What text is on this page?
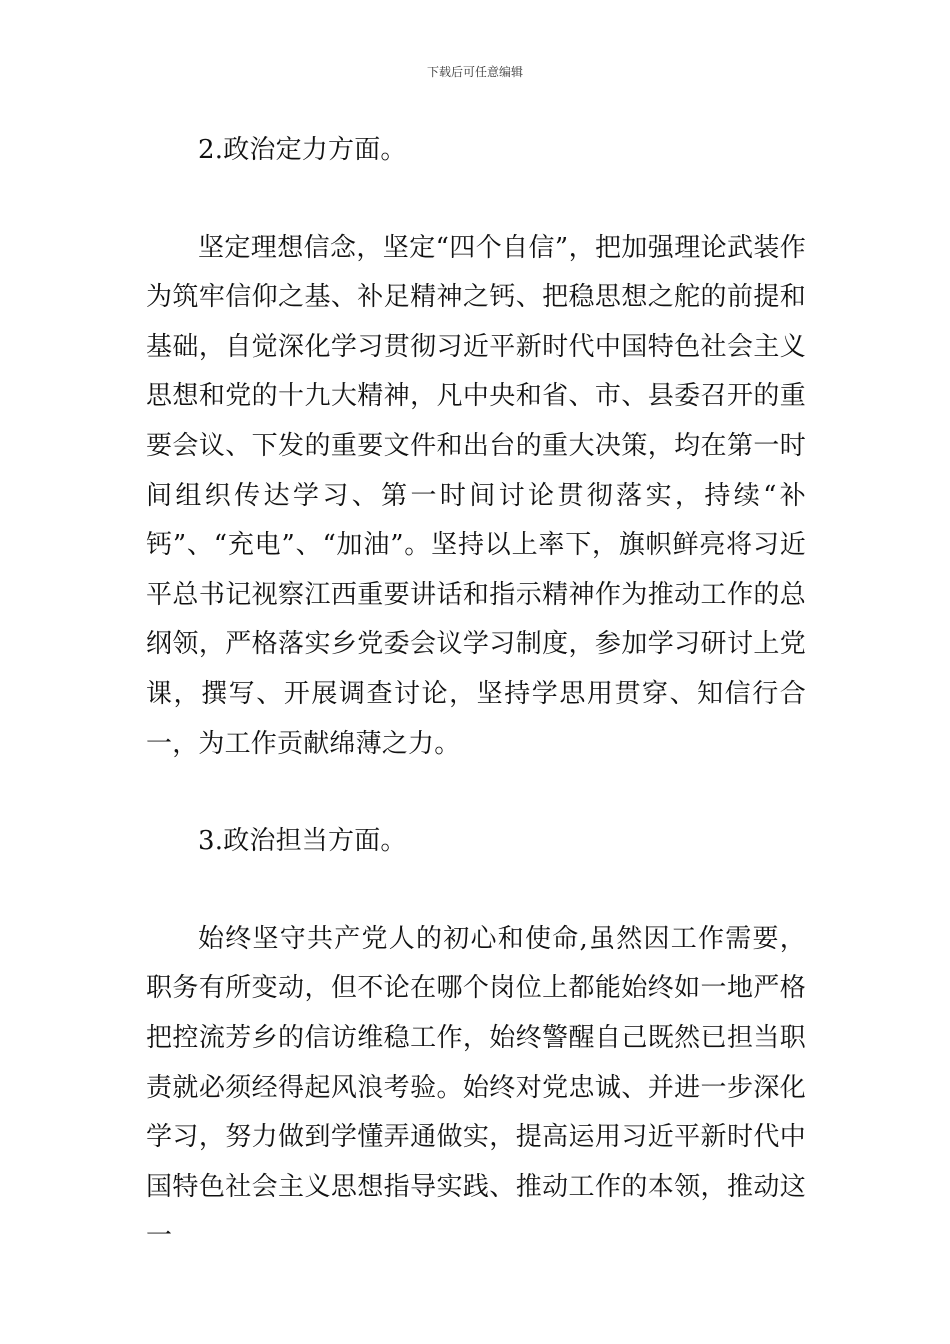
下载后可任意编辑

2.政治定力方面。

坚定理想信念，坚定“四个自信”，把加强理论武装作为筑牢信仰之基、补足精神之钙、把稳思想之舵的前提和基础，自觉深化学习贯彻习近平新时代中国特色社会主义思想和党的十九大精神，凡中央和省、市、县委召开的重要会议、下发的重要文件和出台的重大决策，均在第一时间组织传达学习、第一时间讨论贯彻落实，持续“补钙”、“充电”、“加油”。坚持以上率下，旗帜鲜亮将习近平总书记视察江西重要讲话和指示精神作为推动工作的总纲领，严格落实乡党委会议学习制度，参加学习研讨上党课，撰写、开展调查讨论，坚持学思用贯穿、知信行合一，为工作贡献绵薄之力。

3.政治担当方面。

始终坚守共产党人的初心和使命,虽然因工作需要，职务有所变动，但不论在哪个岗位上都能始终如一地严格把控流芳乡的信访维稳工作，始终警醒自己既然已担当职责就必须经得起风浪考验。始终对党忠诚、并进一步深化学习，努力做到学懂弄通做实，提高运用习近平新时代中国特色社会主义思想指导实践、推动工作的本领，推动这一
